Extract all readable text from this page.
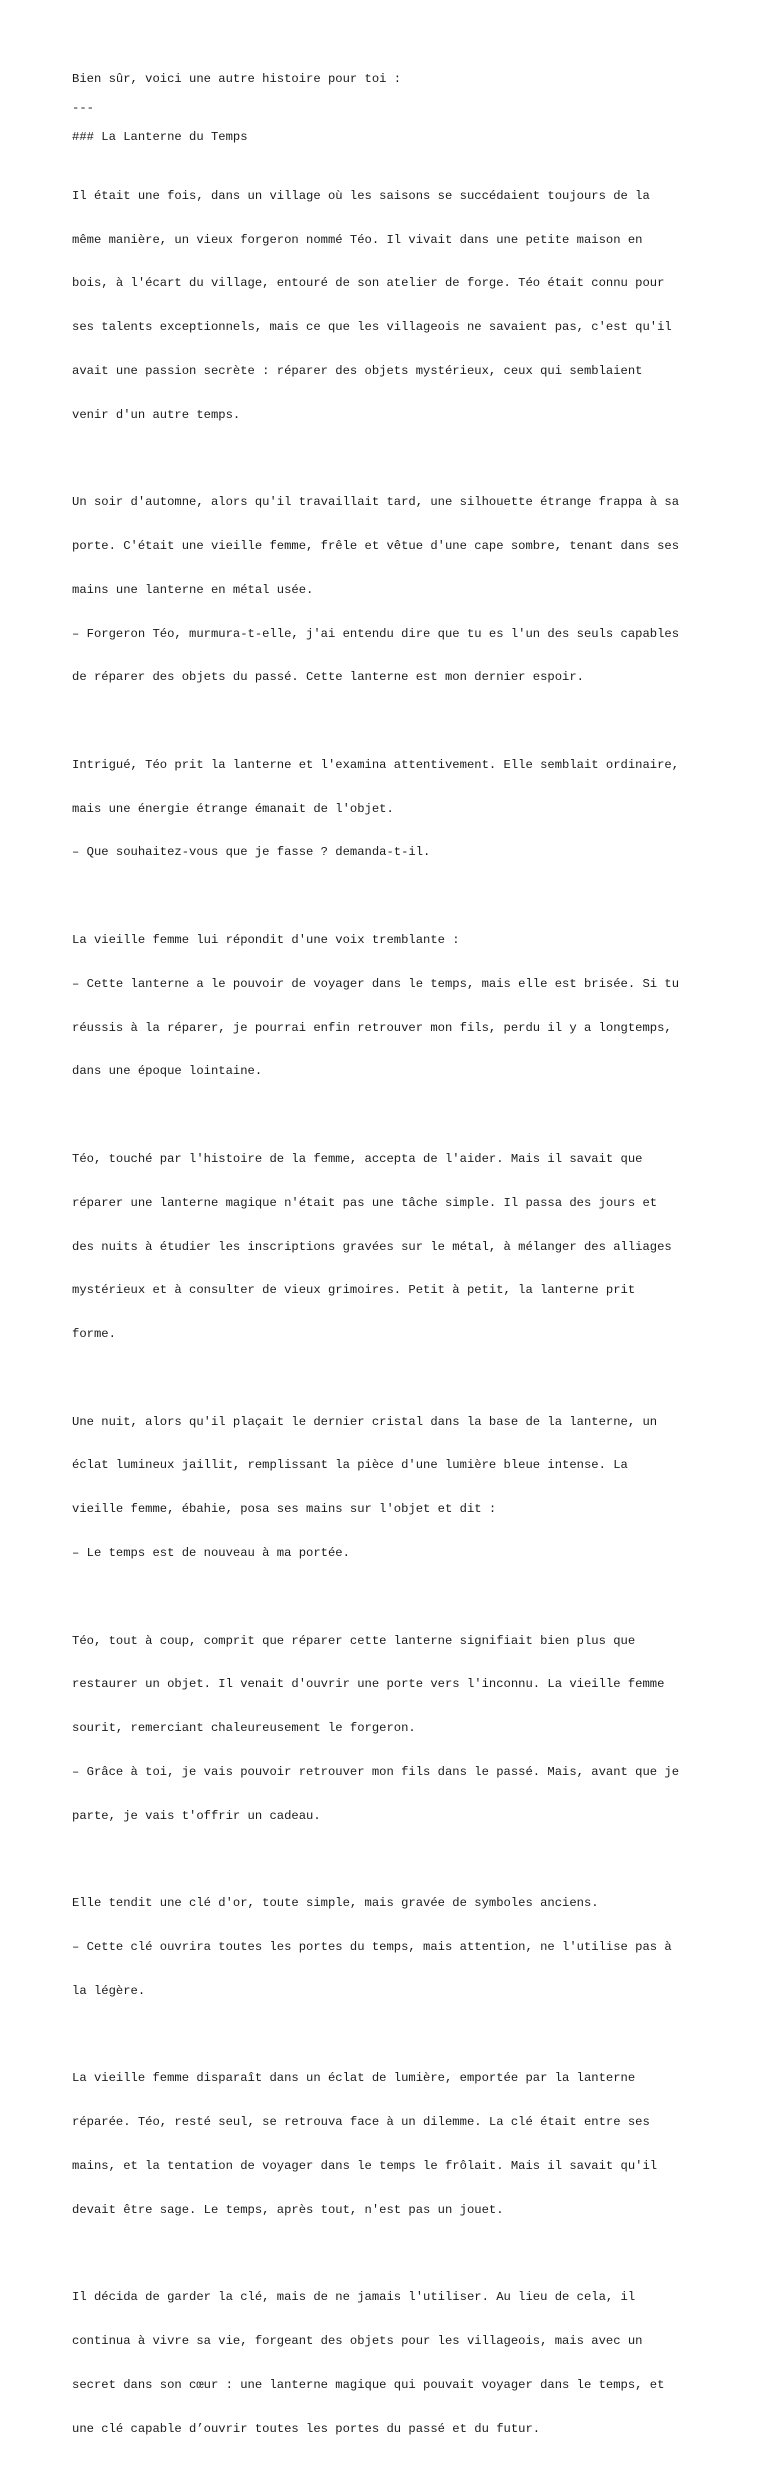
Bien sûr, voici une autre histoire pour toi :

---

### La Lanterne du Temps

Il était une fois, dans un village où les saisons se succédaient toujours de la

même manière, un vieux forgeron nommé Téo. Il vivait dans une petite maison en

bois, à l'écart du village, entouré de son atelier de forge. Téo était connu pour

ses talents exceptionnels, mais ce que les villageois ne savaient pas, c'est qu'il

avait une passion secrète : réparer des objets mystérieux, ceux qui semblaient

venir d'un autre temps.

Un soir d'automne, alors qu'il travaillait tard, une silhouette étrange frappa à sa

porte. C'était une vieille femme, frêle et vêtue d'une cape sombre, tenant dans ses

mains une lanterne en métal usée.

– Forgeron Téo, murmura-t-elle, j'ai entendu dire que tu es l'un des seuls capables

de réparer des objets du passé. Cette lanterne est mon dernier espoir.

Intrigué, Téo prit la lanterne et l'examina attentivement. Elle semblait ordinaire,

mais une énergie étrange émanait de l'objet.

– Que souhaitez-vous que je fasse ? demanda-t-il.

La vieille femme lui répondit d'une voix tremblante :

– Cette lanterne a le pouvoir de voyager dans le temps, mais elle est brisée. Si tu

réussis à la réparer, je pourrai enfin retrouver mon fils, perdu il y a longtemps,

dans une époque lointaine.

Téo, touché par l'histoire de la femme, accepta de l'aider. Mais il savait que

réparer une lanterne magique n'était pas une tâche simple. Il passa des jours et

des nuits à étudier les inscriptions gravées sur le métal, à mélanger des alliages

mystérieux et à consulter de vieux grimoires. Petit à petit, la lanterne prit

forme.

Une nuit, alors qu'il plaçait le dernier cristal dans la base de la lanterne, un

éclat lumineux jaillit, remplissant la pièce d'une lumière bleue intense. La

vieille femme, ébahie, posa ses mains sur l'objet et dit :

– Le temps est de nouveau à ma portée.

Téo, tout à coup, comprit que réparer cette lanterne signifiait bien plus que

restaurer un objet. Il venait d'ouvrir une porte vers l'inconnu. La vieille femme

sourit, remerciant chaleureusement le forgeron.

– Grâce à toi, je vais pouvoir retrouver mon fils dans le passé. Mais, avant que je

parte, je vais t'offrir un cadeau.

Elle tendit une clé d'or, toute simple, mais gravée de symboles anciens.

– Cette clé ouvrira toutes les portes du temps, mais attention, ne l'utilise pas à

la légère.

La vieille femme disparaît dans un éclat de lumière, emportée par la lanterne

réparée. Téo, resté seul, se retrouva face à un dilemme. La clé était entre ses

mains, et la tentation de voyager dans le temps le frôlait. Mais il savait qu'il

devait être sage. Le temps, après tout, n'est pas un jouet.

Il décida de garder la clé, mais de ne jamais l'utiliser. Au lieu de cela, il

continua à vivre sa vie, forgeant des objets pour les villageois, mais avec un

secret dans son cœur : une lanterne magique qui pouvait voyager dans le temps, et

une clé capable d’ouvrir toutes les portes du passé et du futur.
